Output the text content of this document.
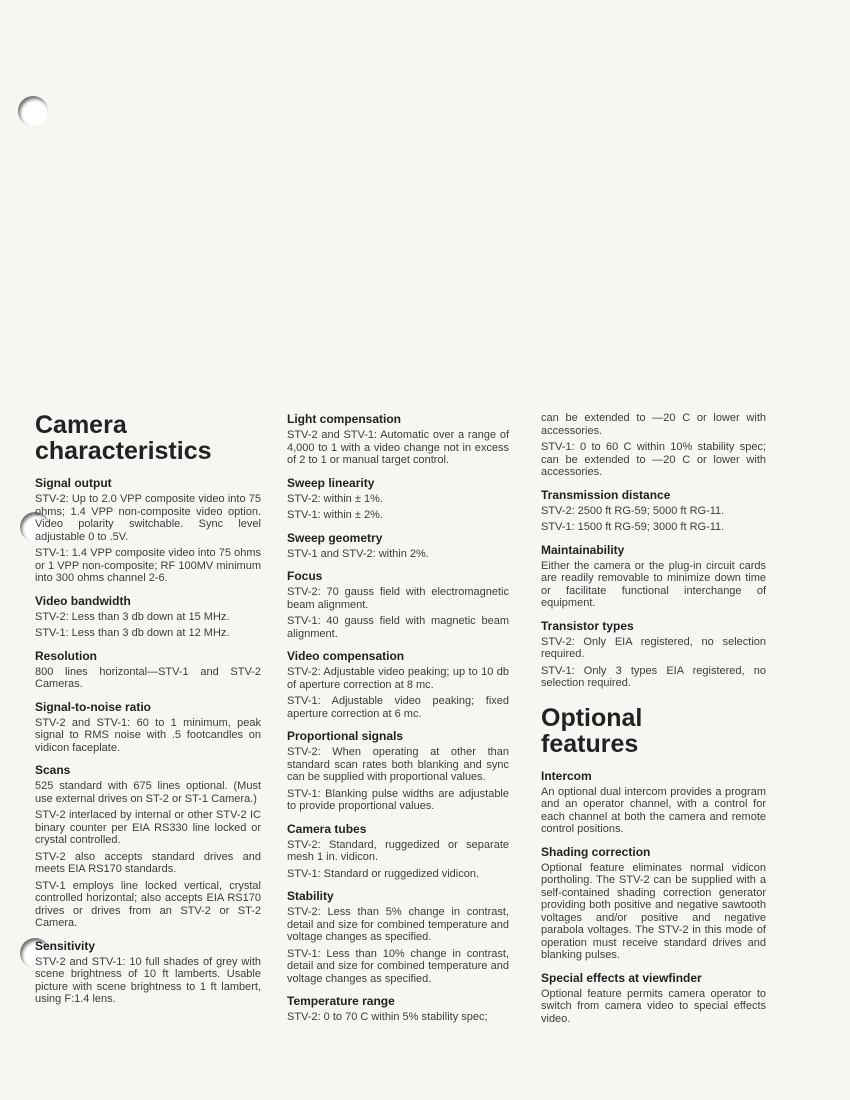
Camera
characteristics
Signal output

STV-2: Up to 2.0 VPP composite video into 75 ohms; 1.4 VPP non-composite video option. Video polarity switchable. Sync level adjustable 0 to .5V.

STV-1: 1.4 VPP composite video into 75 ohms or 1 VPP non-composite; RF 100MV minimum into 300 ohms channel 2-6.

Video bandwidth

STV-2: Less than 3 db down at 15 MHz.

STV-1: Less than 3 db down at 12 MHz.

Resolution

800 lines horizontal—STV-1 and STV-2 Cameras.

Signal-to-noise ratio

STV-2 and STV-1: 60 to 1 minimum, peak signal to RMS noise with .5 footcandles on vidicon faceplate.

Scans

525 standard with 675 lines optional. (Must use external drives on ST-2 or ST-1 Camera.)

STV-2 interlaced by internal or other STV-2 IC binary counter per EIA RS330 line locked or crystal controlled.

STV-2 also accepts standard drives and meets EIA RS170 standards.

STV-1 employs line locked vertical, crystal controlled horizontal; also accepts EIA RS170 drives or drives from an STV-2 or ST-2 Camera.

Sensitivity

STV-2 and STV-1: 10 full shades of grey with scene brightness of 10 ft lamberts. Usable picture with scene brightness to 1 ft lambert, using F:1.4 lens.

Light compensation

STV-2 and STV-1: Automatic over a range of 4,000 to 1 with a video change not in excess of 2 to 1 or manual target control.

Sweep linearity

STV-2: within ± 1%.

STV-1: within ± 2%.

Sweep geometry

STV-1 and STV-2: within 2%.

Focus

STV-2: 70 gauss field with electromagnetic beam alignment.

STV-1: 40 gauss field with magnetic beam alignment.

Video compensation

STV-2: Adjustable video peaking; up to 10 db of aperture correction at 8 mc.

STV-1: Adjustable video peaking; fixed aperture correction at 6 mc.

Proportional signals

STV-2: When operating at other than standard scan rates both blanking and sync can be supplied with proportional values.

STV-1: Blanking pulse widths are adjustable to provide proportional values.

Camera tubes

STV-2: Standard, ruggedized or separate mesh 1 in. vidicon.

STV-1: Standard or ruggedized vidicon.

Stability

STV-2: Less than 5% change in contrast, detail and size for combined temperature and voltage changes as specified.

STV-1: Less than 10% change in contrast, detail and size for combined temperature and voltage changes as specified.

Temperature range

STV-2: 0 to 70 C within 5% stability spec;

can be extended to —20 C or lower with accessories.

STV-1: 0 to 60 C within 10% stability spec; can be extended to —20 C or lower with accessories.

Transmission distance

STV-2: 2500 ft RG-59; 5000 ft RG-11.

STV-1: 1500 ft RG-59; 3000 ft RG-11.

Maintainability

Either the camera or the plug-in circuit cards are readily removable to minimize down time or facilitate functional interchange of equipment.

Transistor types

STV-2: Only EIA registered, no selection required.

STV-1: Only 3 types EIA registered, no selection required.

Optional
features
Intercom

An optional dual intercom provides a program and an operator channel, with a control for each channel at both the camera and remote control positions.

Shading correction

Optional feature eliminates normal vidicon portholing. The STV-2 can be supplied with a self-contained shading correction generator providing both positive and negative sawtooth voltages and/or positive and negative parabola voltages. The STV-2 in this mode of operation must receive standard drives and blanking pulses.

Special effects at viewfinder

Optional feature permits camera operator to switch from camera video to special effects video.
